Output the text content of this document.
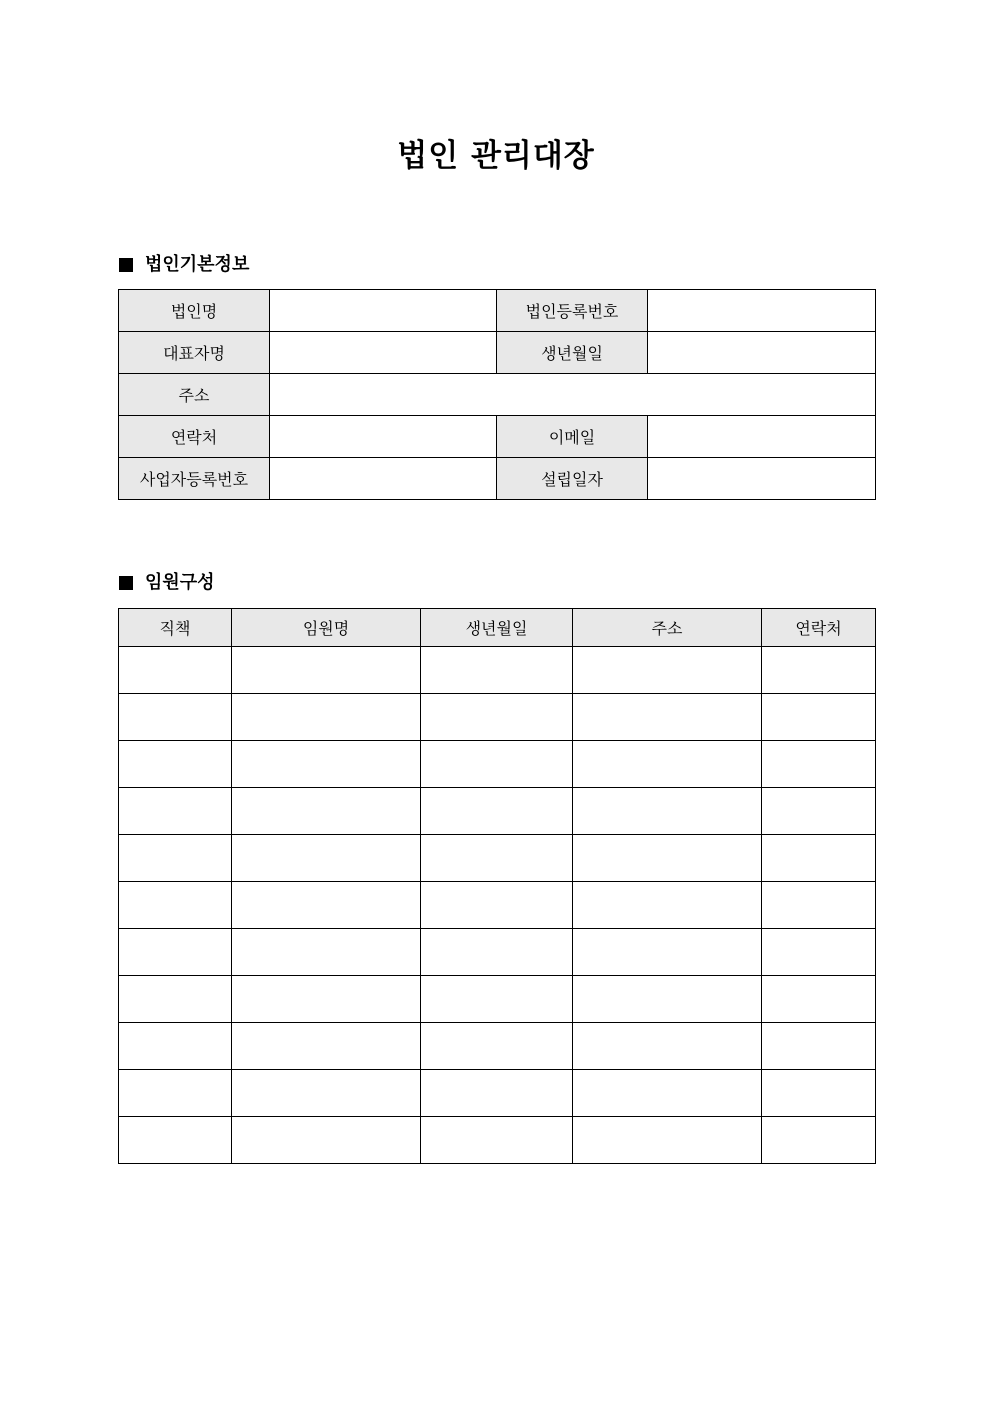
법인 관리대장
법인기본정보
법인명		법인등록번호	
대표자명		생년월일	
주소			
연락처		이메일	
사업자등록번호		설립일자	
임원구성
직책	임원명	생년월일	주소	연락처
